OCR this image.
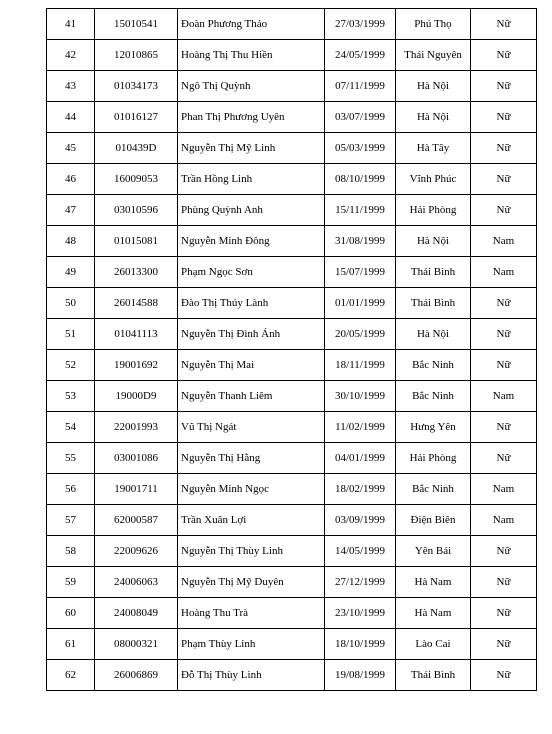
41	15010541	Đoàn Phương Thảo	27/03/1999	Phú Thọ	Nữ
42	12010865	Hoàng Thị Thu Hiền	24/05/1999	Thái Nguyên	Nữ
43	01034173	Ngô Thị Quỳnh	07/11/1999	Hà Nội	Nữ
44	01016127	Phan Thị Phương Uyên	03/07/1999	Hà Nội	Nữ
45	010439D	Nguyễn Thị Mỹ Linh	05/03/1999	Hà Tây	Nữ
46	16009053	Trần Hồng Linh	08/10/1999	Vĩnh Phúc	Nữ
47	03010596	Phùng Quỳnh Anh	15/11/1999	Hải Phòng	Nữ
48	01015081	Nguyễn Minh Đông	31/08/1999	Hà Nội	Nam
49	26013300	Phạm Ngọc Sơn	15/07/1999	Thái Bình	Nam
50	26014588	Đào Thị Thúy Lành	01/01/1999	Thái Bình	Nữ
51	01041113	Nguyễn Thị Đình Ánh	20/05/1999	Hà Nội	Nữ
52	19001692	Nguyễn Thị Mai	18/11/1999	Bắc Ninh	Nữ
53	19000D9	Nguyễn Thanh Liêm	30/10/1999	Bắc Ninh	Nam
54	22001993	Vũ Thị Ngát	11/02/1999	Hưng Yên	Nữ
55	03001086	Nguyễn Thị Hằng	04/01/1999	Hải Phòng	Nữ
56	19001711	Nguyễn Minh Ngọc	18/02/1999	Bắc Ninh	Nam
57	62000587	Trần Xuân Lợi	03/09/1999	Điện Biên	Nam
58	22009626	Nguyễn Thị Thùy Linh	14/05/1999	Yên Bái	Nữ
59	24006063	Nguyễn Thị Mỹ Duyên	27/12/1999	Hà Nam	Nữ
60	24008049	Hoàng Thu Trà	23/10/1999	Hà Nam	Nữ
61	08000321	Phạm Thùy Linh	18/10/1999	Lào Cai	Nữ
62	26006869	Đỗ Thị Thùy Linh	19/08/1999	Thái Bình	Nữ
